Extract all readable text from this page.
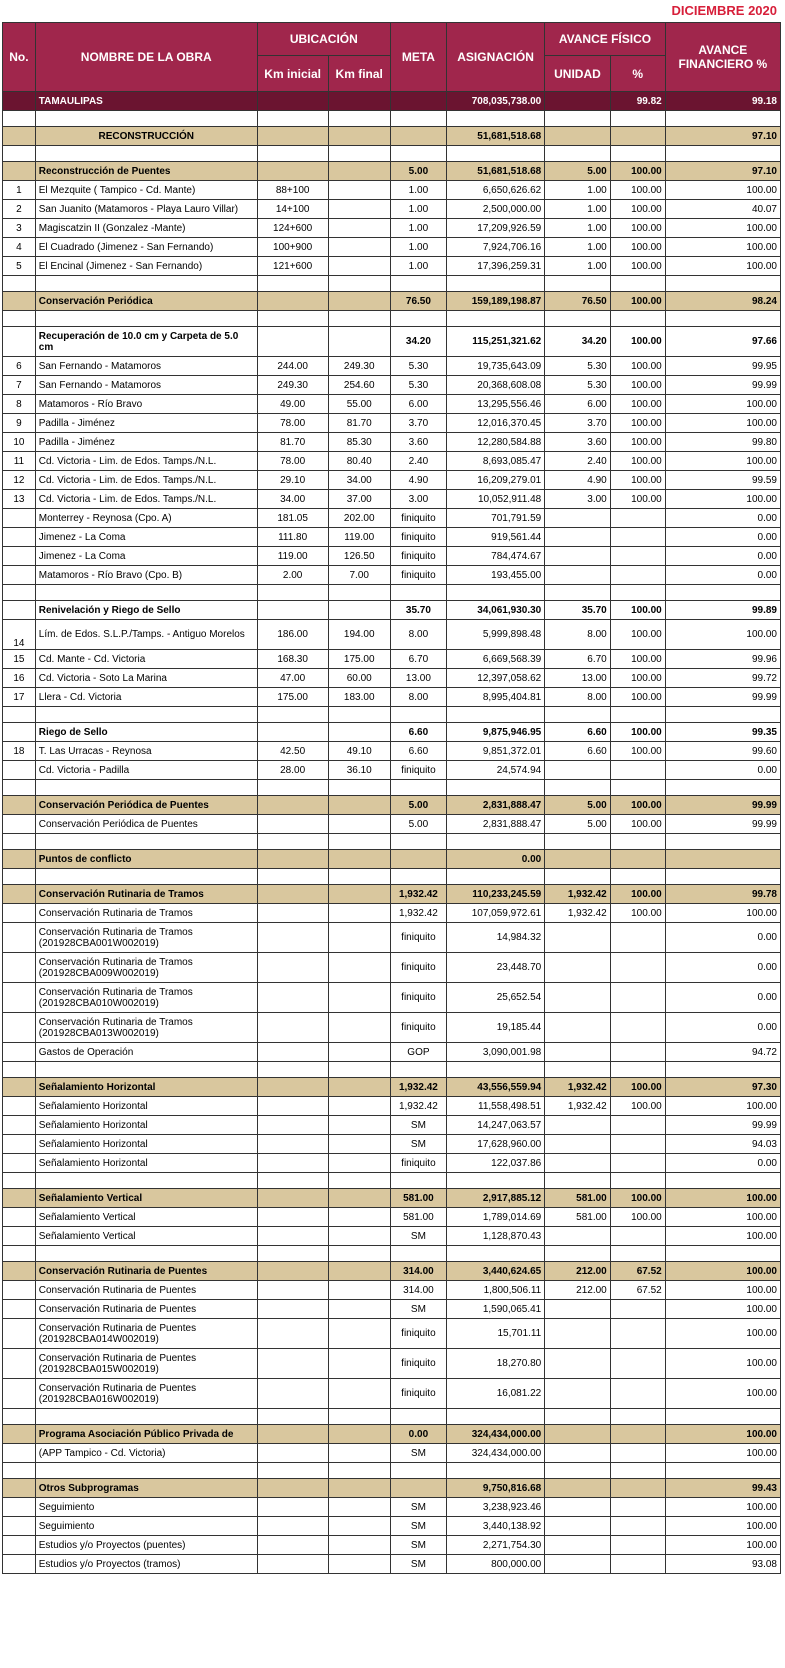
DICIEMBRE 2020
No.	NOMBRE DE LA OBRA	UBICACIÓN		META	ASIGNACIÓN	AVANCE FÍSICO		AVANCE FINANCIERO %
		Km inicial	Km final			UNIDAD	%	
	TAMAULIPAS				708,035,738.00		99.82	99.18

	RECONSTRUCCIÓN				51,681,518.68			97.10

	Reconstrucción de Puentes			5.00	51,681,518.68	5.00	100.00	97.10
1	El Mezquite ( Tampico - Cd. Mante)	88+100		1.00	6,650,626.62	1.00	100.00	100.00
2	San Juanito (Matamoros - Playa Lauro Villar)	14+100		1.00	2,500,000.00	1.00	100.00	40.07
3	Magiscatzin II (Gonzalez -Mante)	124+600		1.00	17,209,926.59	1.00	100.00	100.00
4	El Cuadrado (Jimenez - San Fernando)	100+900		1.00	7,924,706.16	1.00	100.00	100.00
5	El Encinal (Jimenez - San Fernando)	121+600		1.00	17,396,259.31	1.00	100.00	100.00

	Conservación Periódica			76.50	159,189,198.87	76.50	100.00	98.24

	Recuperación de 10.0 cm y Carpeta de 5.0 cm			34.20	115,251,321.62	34.20	100.00	97.66
6	San Fernando - Matamoros	244.00	249.30	5.30	19,735,643.09	5.30	100.00	99.95
7	San Fernando - Matamoros	249.30	254.60	5.30	20,368,608.08	5.30	100.00	99.99
8	Matamoros - Río Bravo	49.00	55.00	6.00	13,295,556.46	6.00	100.00	100.00
9	Padilla - Jiménez	78.00	81.70	3.70	12,016,370.45	3.70	100.00	100.00
10	Padilla - Jiménez	81.70	85.30	3.60	12,280,584.88	3.60	100.00	99.80
11	Cd. Victoria - Lim. de Edos. Tamps./N.L.	78.00	80.40	2.40	8,693,085.47	2.40	100.00	100.00
12	Cd. Victoria - Lim. de Edos. Tamps./N.L.	29.10	34.00	4.90	16,209,279.01	4.90	100.00	99.59
13	Cd. Victoria - Lim. de Edos. Tamps./N.L.	34.00	37.00	3.00	10,052,911.48	3.00	100.00	100.00
	Monterrey - Reynosa (Cpo. A)	181.05	202.00	finiquito	701,791.59			0.00
	Jimenez - La Coma	111.80	119.00	finiquito	919,561.44			0.00
	Jimenez - La Coma	119.00	126.50	finiquito	784,474.67			0.00
	Matamoros - Río Bravo (Cpo. B)	2.00	7.00	finiquito	193,455.00			0.00

	Renivelación y Riego de Sello			35.70	34,061,930.30	35.70	100.00	99.89
14	Lím. de Edos. S.L.P./Tamps. - Antiguo Morelos	186.00	194.00	8.00	5,999,898.48	8.00	100.00	100.00
15	Cd. Mante - Cd. Victoria	168.30	175.00	6.70	6,669,568.39	6.70	100.00	99.96
16	Cd. Victoria - Soto La Marina	47.00	60.00	13.00	12,397,058.62	13.00	100.00	99.72
17	Llera - Cd. Victoria	175.00	183.00	8.00	8,995,404.81	8.00	100.00	99.99

	Riego de Sello			6.60	9,875,946.95	6.60	100.00	99.35
18	T. Las Urracas - Reynosa	42.50	49.10	6.60	9,851,372.01	6.60	100.00	99.60
	Cd. Victoria - Padilla	28.00	36.10	finiquito	24,574.94			0.00

	Conservación Periódica de Puentes			5.00	2,831,888.47	5.00	100.00	99.99
	Conservación Periódica de Puentes			5.00	2,831,888.47	5.00	100.00	99.99

	Puntos de conflicto				0.00			

	Conservación Rutinaria de Tramos			1,932.42	110,233,245.59	1,932.42	100.00	99.78
	Conservación Rutinaria de Tramos			1,932.42	107,059,972.61	1,932.42	100.00	100.00
	Conservación Rutinaria de Tramos (201928CBA001W002019)			finiquito	14,984.32			0.00
	Conservación Rutinaria de Tramos (201928CBA009W002019)			finiquito	23,448.70			0.00
	Conservación Rutinaria de Tramos (201928CBA010W002019)			finiquito	25,652.54			0.00
	Conservación Rutinaria de Tramos (201928CBA013W002019)			finiquito	19,185.44			0.00
	Gastos de Operación			GOP	3,090,001.98			94.72

	Señalamiento Horizontal			1,932.42	43,556,559.94	1,932.42	100.00	97.30
	Señalamiento Horizontal			1,932.42	11,558,498.51	1,932.42	100.00	100.00
	Señalamiento Horizontal			SM	14,247,063.57			99.99
	Señalamiento Horizontal			SM	17,628,960.00			94.03
	Señalamiento Horizontal			finiquito	122,037.86			0.00

	Señalamiento Vertical			581.00	2,917,885.12	581.00	100.00	100.00
	Señalamiento Vertical			581.00	1,789,014.69	581.00	100.00	100.00
	Señalamiento Vertical			SM	1,128,870.43			100.00

	Conservación Rutinaria de Puentes			314.00	3,440,624.65	212.00	67.52	100.00
	Conservación Rutinaria de Puentes			314.00	1,800,506.11	212.00	67.52	100.00
	Conservación Rutinaria de Puentes			SM	1,590,065.41			100.00
	Conservación Rutinaria de Puentes (201928CBA014W002019)			finiquito	15,701.11			100.00
	Conservación Rutinaria de Puentes (201928CBA015W002019)			finiquito	18,270.80			100.00
	Conservación Rutinaria de Puentes (201928CBA016W002019)			finiquito	16,081.22			100.00

	Programa Asociación Público Privada de			0.00	324,434,000.00			100.00
	(APP Tampico - Cd. Victoria)			SM	324,434,000.00			100.00

	Otros Subprogramas				9,750,816.68			99.43
	Seguimiento			SM	3,238,923.46			100.00
	Seguimiento			SM	3,440,138.92			100.00
	Estudios y/o Proyectos (puentes)			SM	2,271,754.30			100.00
	Estudios y/o Proyectos (tramos)			SM	800,000.00			93.08
